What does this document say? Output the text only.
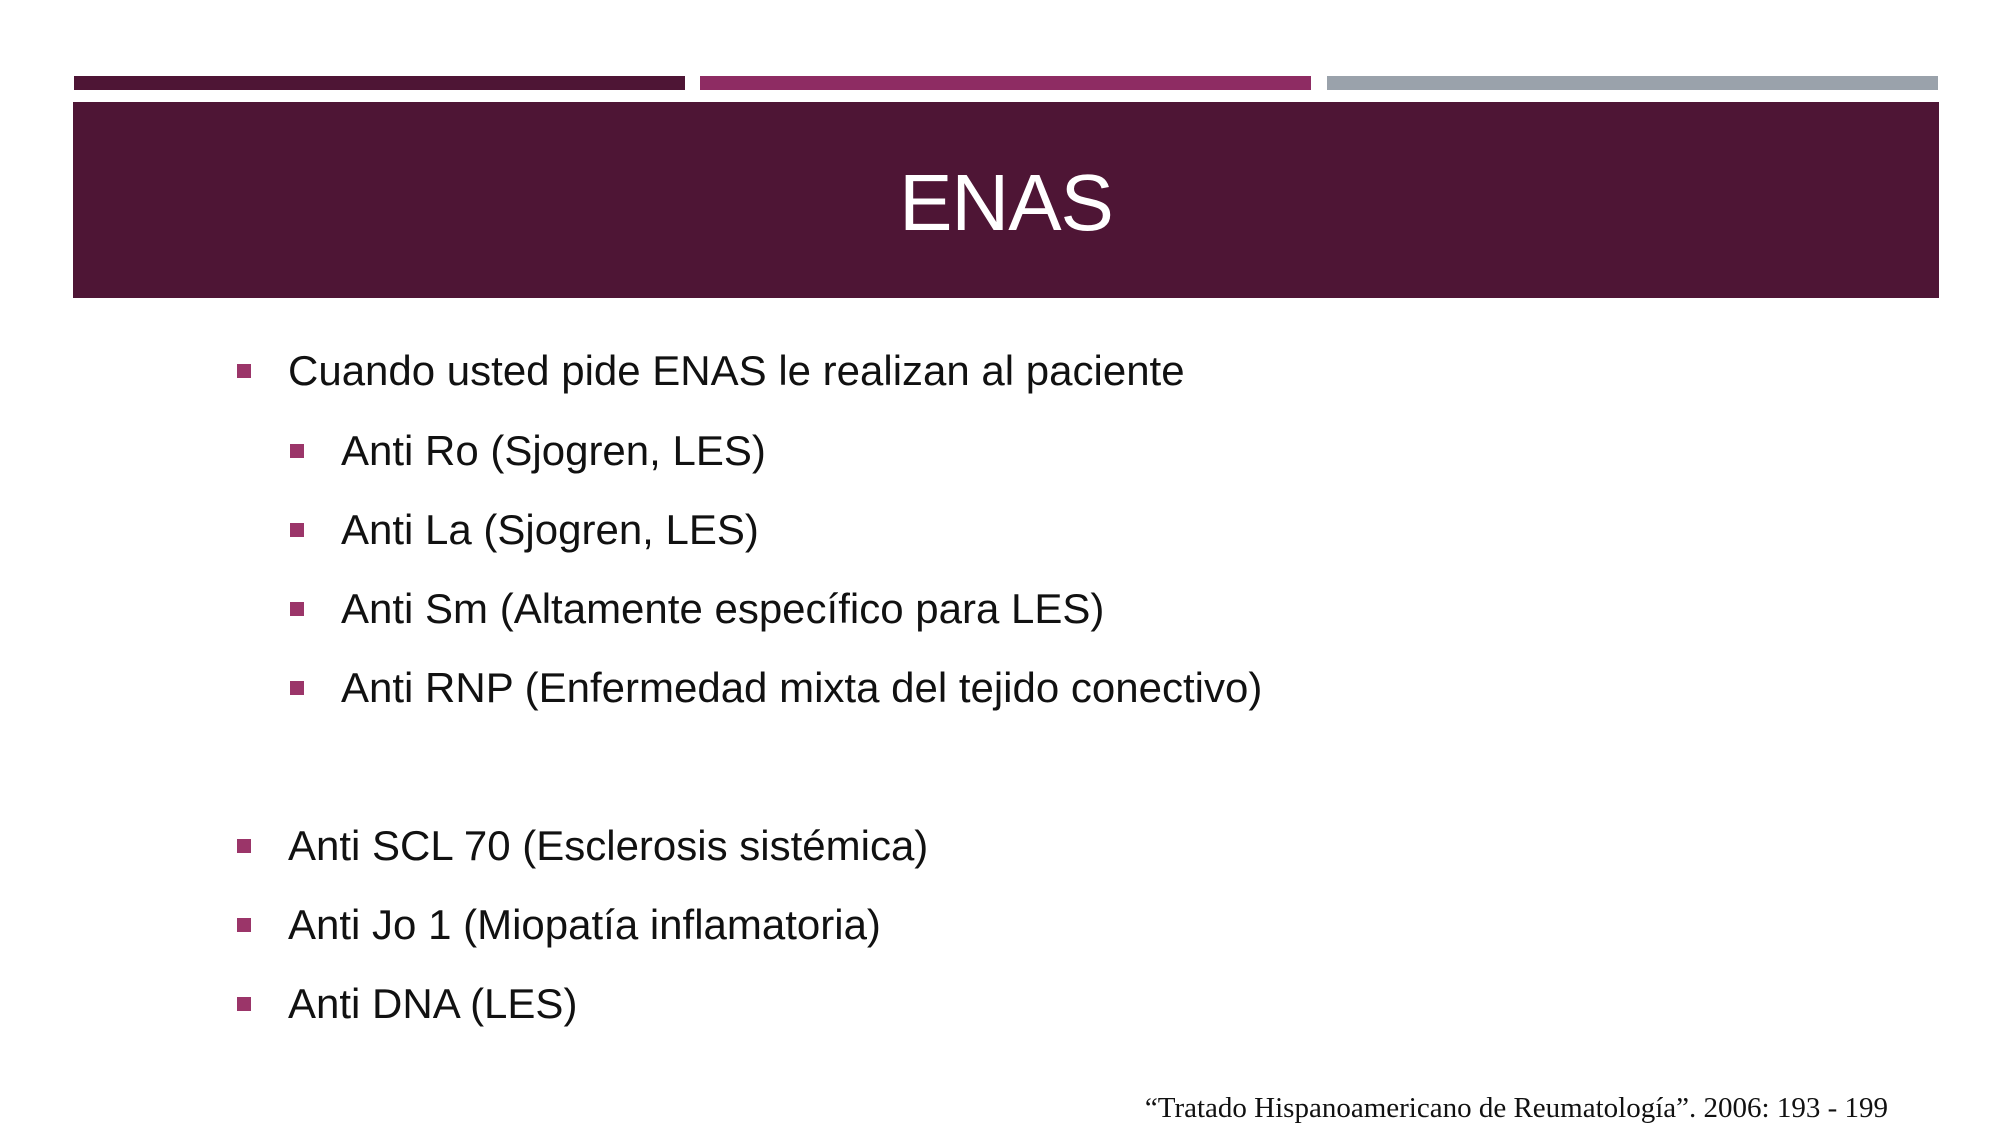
ENAS
Cuando usted pide ENAS le realizan al paciente
Anti Ro (Sjogren, LES)
Anti La (Sjogren, LES)
Anti Sm (Altamente específico para LES)
Anti RNP (Enfermedad mixta del tejido conectivo)
Anti SCL 70 (Esclerosis sistémica)
Anti Jo 1 (Miopatía inflamatoria)
Anti DNA (LES)
“Tratado Hispanoamericano de Reumatología”. 2006: 193 - 199
